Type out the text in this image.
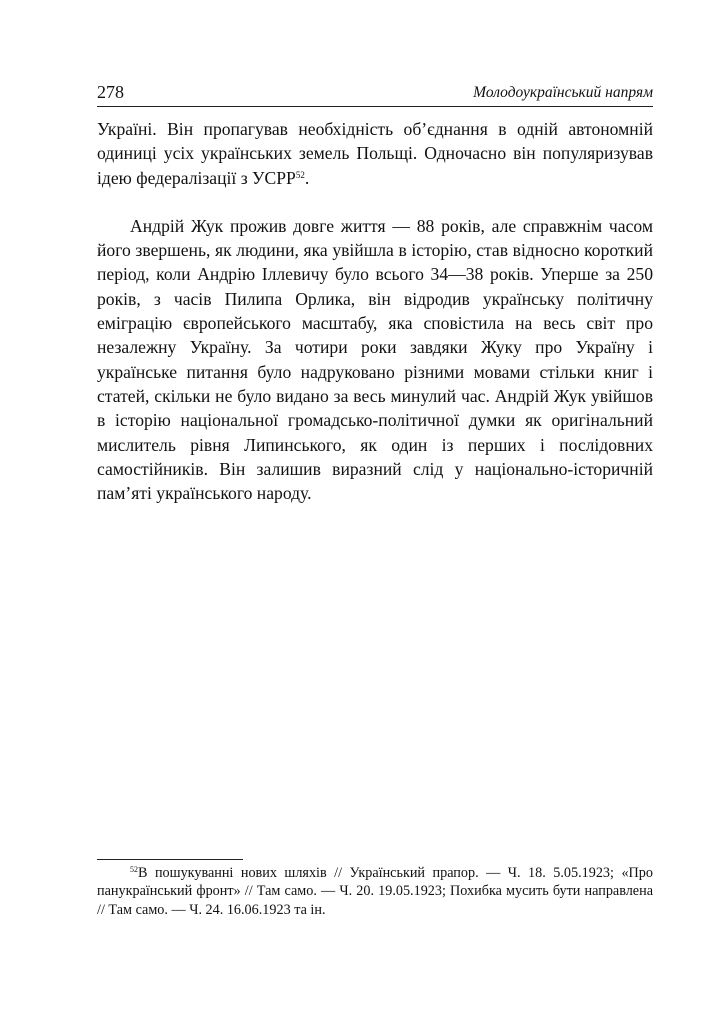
278	Молодоукраїнський напрям

Україні. Він пропагував необхідність об’єднання в одній автономній одиниці усіх українських земель Польщі. Одночасно він популяризував ідею федералізації з УСРР$^{52}$.

Андрій Жук прожив довге життя — 88 років, але справжнім часом його звершень, як людини, яка увійшла в історію, став відносно короткий період, коли Андрію Іллевичу було всього 34—38 років. Уперше за 250 років, з часів Пилипа Орлика, він відродив українську політичну еміграцію європейського масштабу, яка сповістила на весь світ про незалежну Україну. За чотири роки завдяки Жуку про Україну і українське питання було надруковано різними мовами стільки книг і статей, скільки не було видано за весь минулий час. Андрій Жук увійшов в історію національної громадсько-політичної думки як оригінальний мислитель рівня Липинського, як один із перших і послідовних самостійників. Він залишив виразний слід у національно-історичній пам’яті українського народу.

$^{52}$В пошукуванні нових шляхів // Український прапор. — Ч. 18. 5.05.1923; «Про панукраїнський фронт» // Там само. — Ч. 20. 19.05.1923; Похибка мусить бути направлена // Там само. — Ч. 24. 16.06.1923 та ін.
